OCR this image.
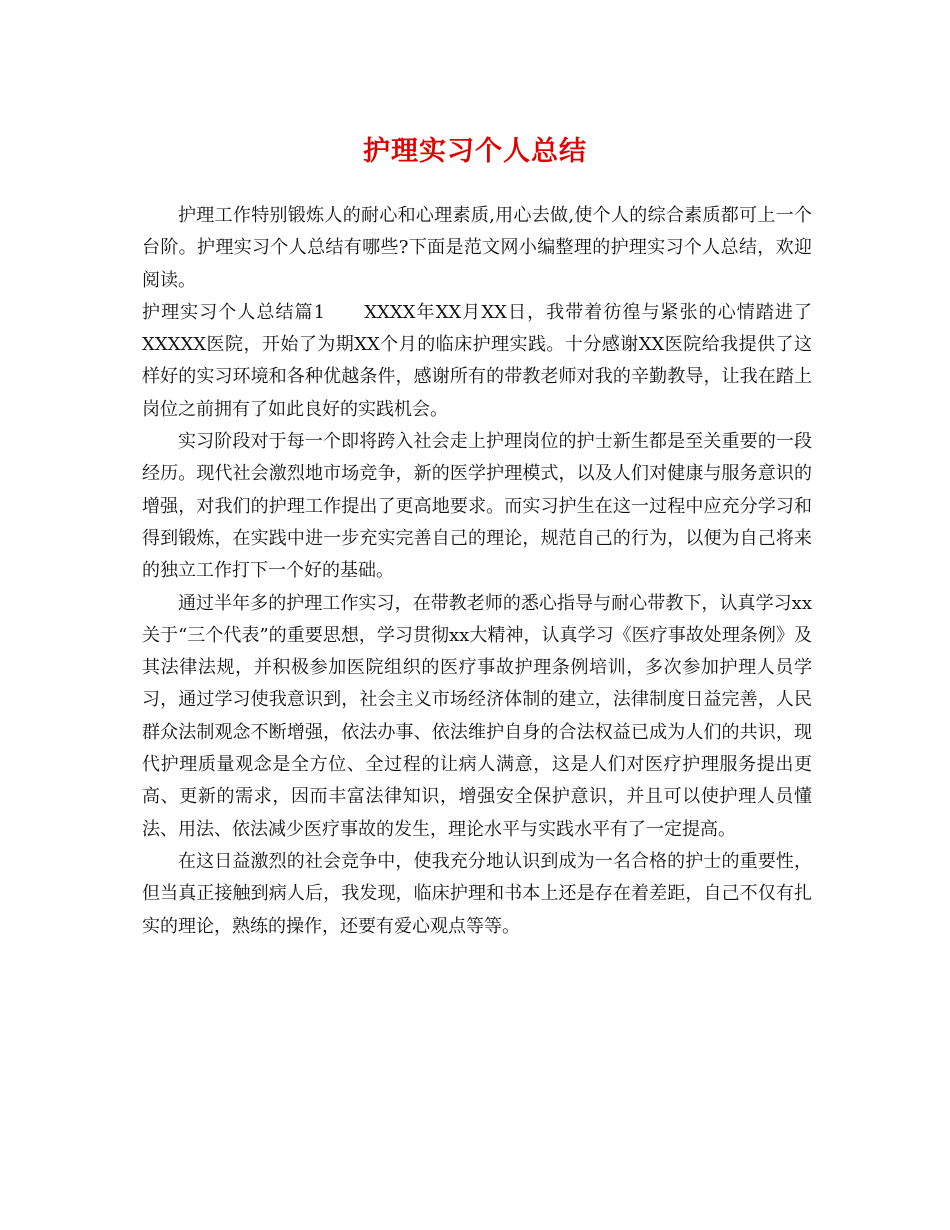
护理实习个人总结

护理工作特别锻炼人的耐心和心理素质,用心去做,使个人的综合素质都可上一个台阶。护理实习个人总结有哪些?下面是范文网小编整理的护理实习个人总结，欢迎阅读。

护理实习个人总结篇1　　XXXX年XX月XX日，我带着彷徨与紧张的心情踏进了XXXXX医院，开始了为期XX个月的临床护理实践。十分感谢XX医院给我提供了这样好的实习环境和各种优越条件，感谢所有的带教老师对我的辛勤教导，让我在踏上岗位之前拥有了如此良好的实践机会。

实习阶段对于每一个即将跨入社会走上护理岗位的护士新生都是至关重要的一段经历。现代社会激烈地市场竞争，新的医学护理模式，以及人们对健康与服务意识的增强，对我们的护理工作提出了更高地要求。而实习护生在这一过程中应充分学习和得到锻炼，在实践中进一步充实完善自己的理论，规范自己的行为，以便为自己将来的独立工作打下一个好的基础。

通过半年多的护理工作实习，在带教老师的悉心指导与耐心带教下，认真学习xx关于“三个代表”的重要思想，学习贯彻xx大精神，认真学习《医疗事故处理条例》及其法律法规，并积极参加医院组织的医疗事故护理条例培训，多次参加护理人员学习，通过学习使我意识到，社会主义市场经济体制的建立，法律制度日益完善，人民群众法制观念不断增强，依法办事、依法维护自身的合法权益已成为人们的共识，现代护理质量观念是全方位、全过程的让病人满意，这是人们对医疗护理服务提出更高、更新的需求，因而丰富法律知识，增强安全保护意识，并且可以使护理人员懂法、用法、依法减少医疗事故的发生，理论水平与实践水平有了一定提高。

在这日益激烈的社会竞争中，使我充分地认识到成为一名合格的护士的重要性，但当真正接触到病人后，我发现，临床护理和书本上还是存在着差距，自己不仅有扎实的理论，熟练的操作，还要有爱心观点等等。
